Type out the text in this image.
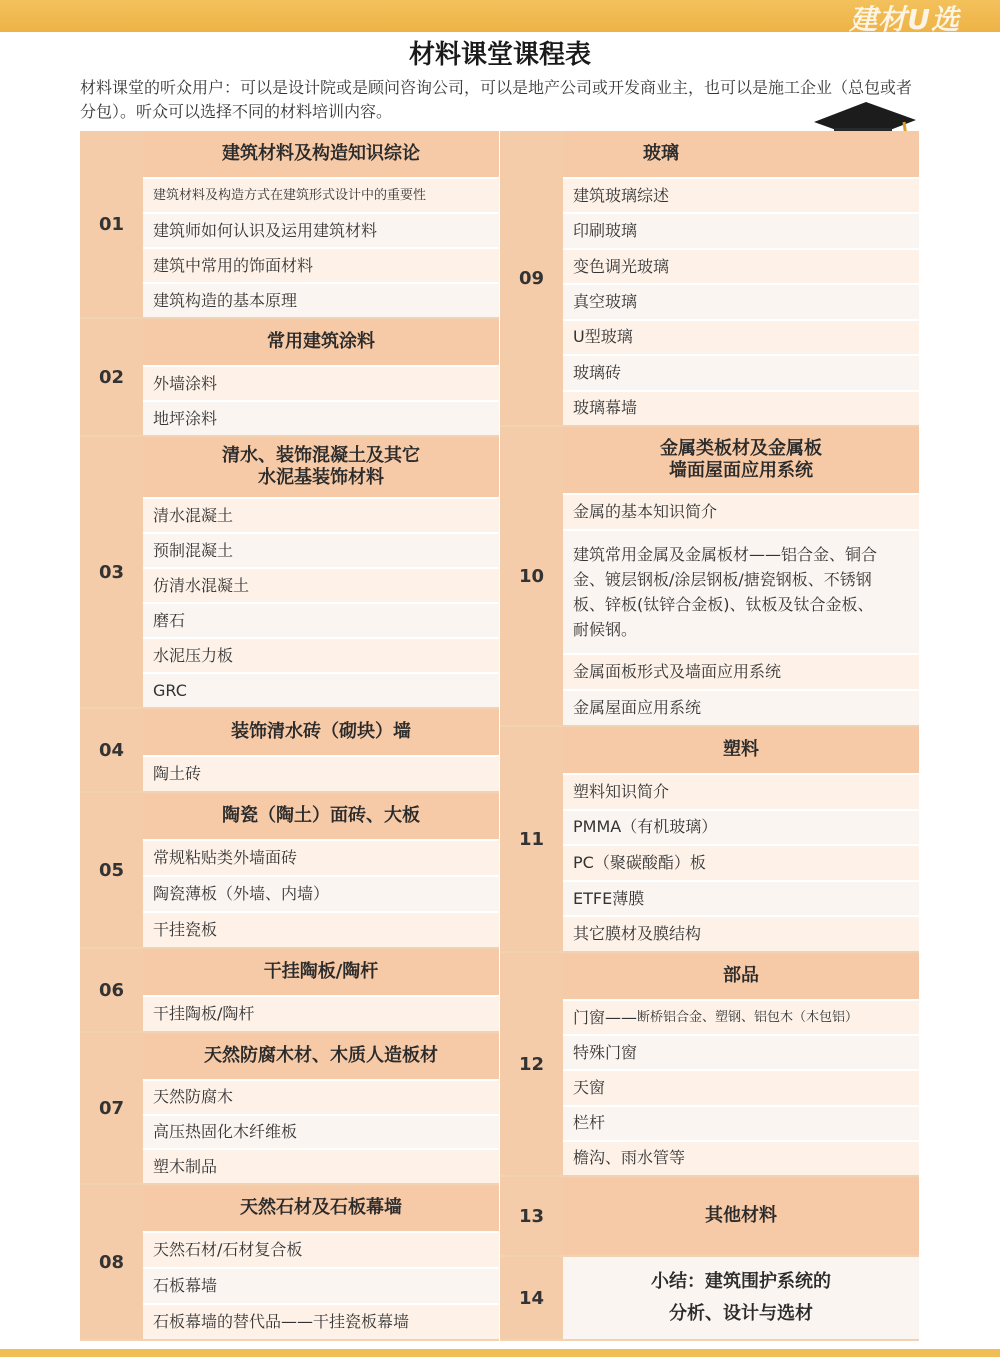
建材U选
材料课堂课程表

材料课堂的听众用户：可以是设计院或是顾问咨询公司，可以是地产公司或开发商业主，也可以是施工企业（总包或者分包）。听众可以选择不同的材料培训内容。

01
建筑材料及构造知识综论
建筑材料及构造方式在建筑形式设计中的重要性
建筑师如何认识及运用建筑材料
建筑中常用的饰面材料
建筑构造的基本原理
02
常用建筑涂料
外墙涂料
地坪涂料
03
清水、装饰混凝土及其它
水泥基装饰材料
清水混凝土
预制混凝土
仿清水混凝土
磨石
水泥压力板
GRC
04
装饰清水砖（砌块）墙
陶土砖
05
陶瓷（陶土）面砖、大板
常规粘贴类外墙面砖
陶瓷薄板（外墙、内墙）
干挂瓷板
06
干挂陶板/陶杆
干挂陶板/陶杆
07
天然防腐木材、木质人造板材
天然防腐木
高压热固化木纤维板
塑木制品
08
天然石材及石板幕墙
天然石材/石材复合板
石板幕墙
石板幕墙的替代品——干挂瓷板幕墙
09
玻璃
建筑玻璃综述
印刷玻璃
变色调光玻璃
真空玻璃
U型玻璃
玻璃砖
玻璃幕墙
10
金属类板材及金属板
墙面屋面应用系统
金属的基本知识简介
建筑常用金属及金属板材——铝合金、铜合金、镀层钢板/涂层钢板/搪瓷钢板、不锈钢板、锌板(钛锌合金板)、钛板及钛合金板、耐候钢。
金属面板形式及墙面应用系统
金属屋面应用系统
11
塑料
塑料知识简介
PMMA（有机玻璃）
PC（聚碳酸酯）板
ETFE薄膜
其它膜材及膜结构
12
部品
门窗—— 断桥铝合金、塑钢、铝包木（木包铝）
特殊门窗
天窗
栏杆
檐沟、雨水管等
13	其他材料
14
小结：建筑围护系统的
分析、设计与选材
